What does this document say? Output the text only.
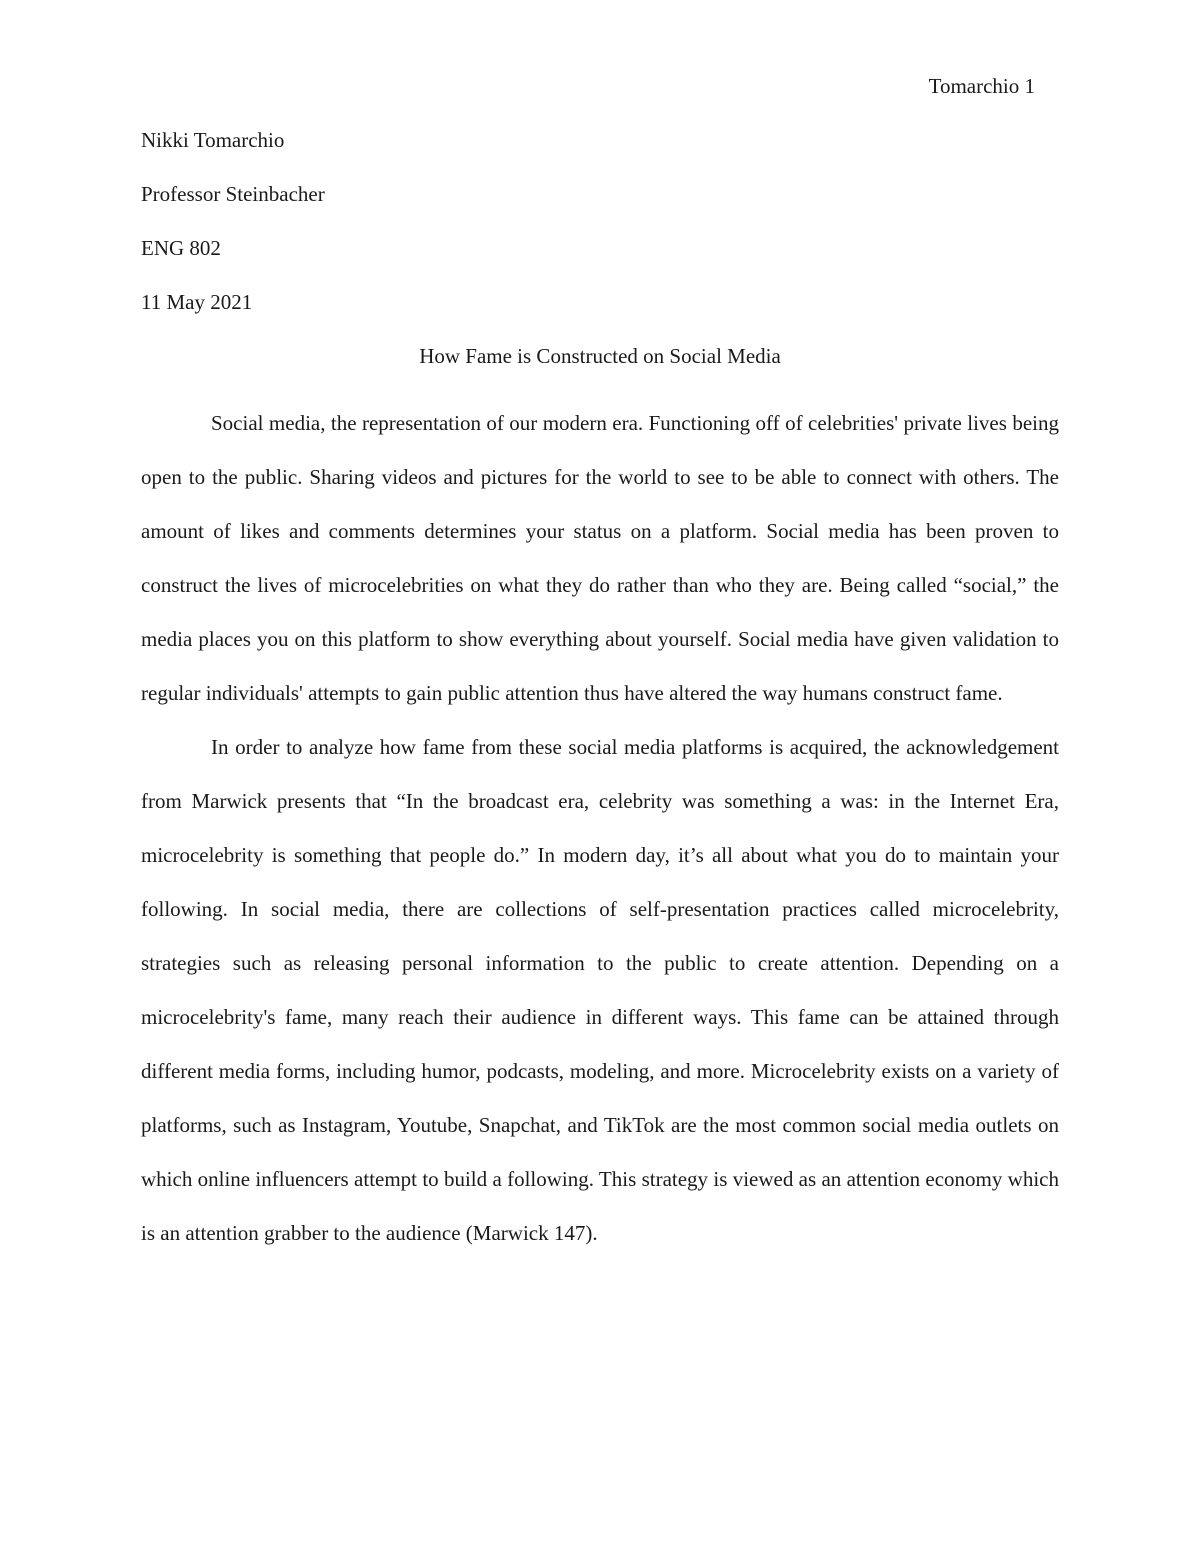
Tomarchio 1
Nikki Tomarchio
Professor Steinbacher
ENG 802
11 May 2021
How Fame is Constructed on Social Media

Social media, the representation of our modern era. Functioning off of celebrities' private lives being open to the public. Sharing videos and pictures for the world to see to be able to connect with others. The amount of likes and comments determines your status on a platform. Social media has been proven to construct the lives of microcelebrities on what they do rather than who they are. Being called “social,” the media places you on this platform to show everything about yourself. Social media have given validation to regular individuals' attempts to gain public attention thus have altered the way humans construct fame.

In order to analyze how fame from these social media platforms is acquired, the acknowledgement from Marwick presents that “In the broadcast era, celebrity was something a was: in the Internet Era, microcelebrity is something that people do.” In modern day, it’s all about what you do to maintain your following. In social media, there are collections of self-presentation practices called microcelebrity, strategies such as releasing personal information to the public to create attention. Depending on a microcelebrity's fame, many reach their audience in different ways. This fame can be attained through different media forms, including humor, podcasts, modeling, and more. Microcelebrity exists on a variety of platforms, such as Instagram, Youtube, Snapchat, and TikTok are the most common social media outlets on which online influencers attempt to build a following. This strategy is viewed as an attention economy which is an attention grabber to the audience (Marwick 147).
